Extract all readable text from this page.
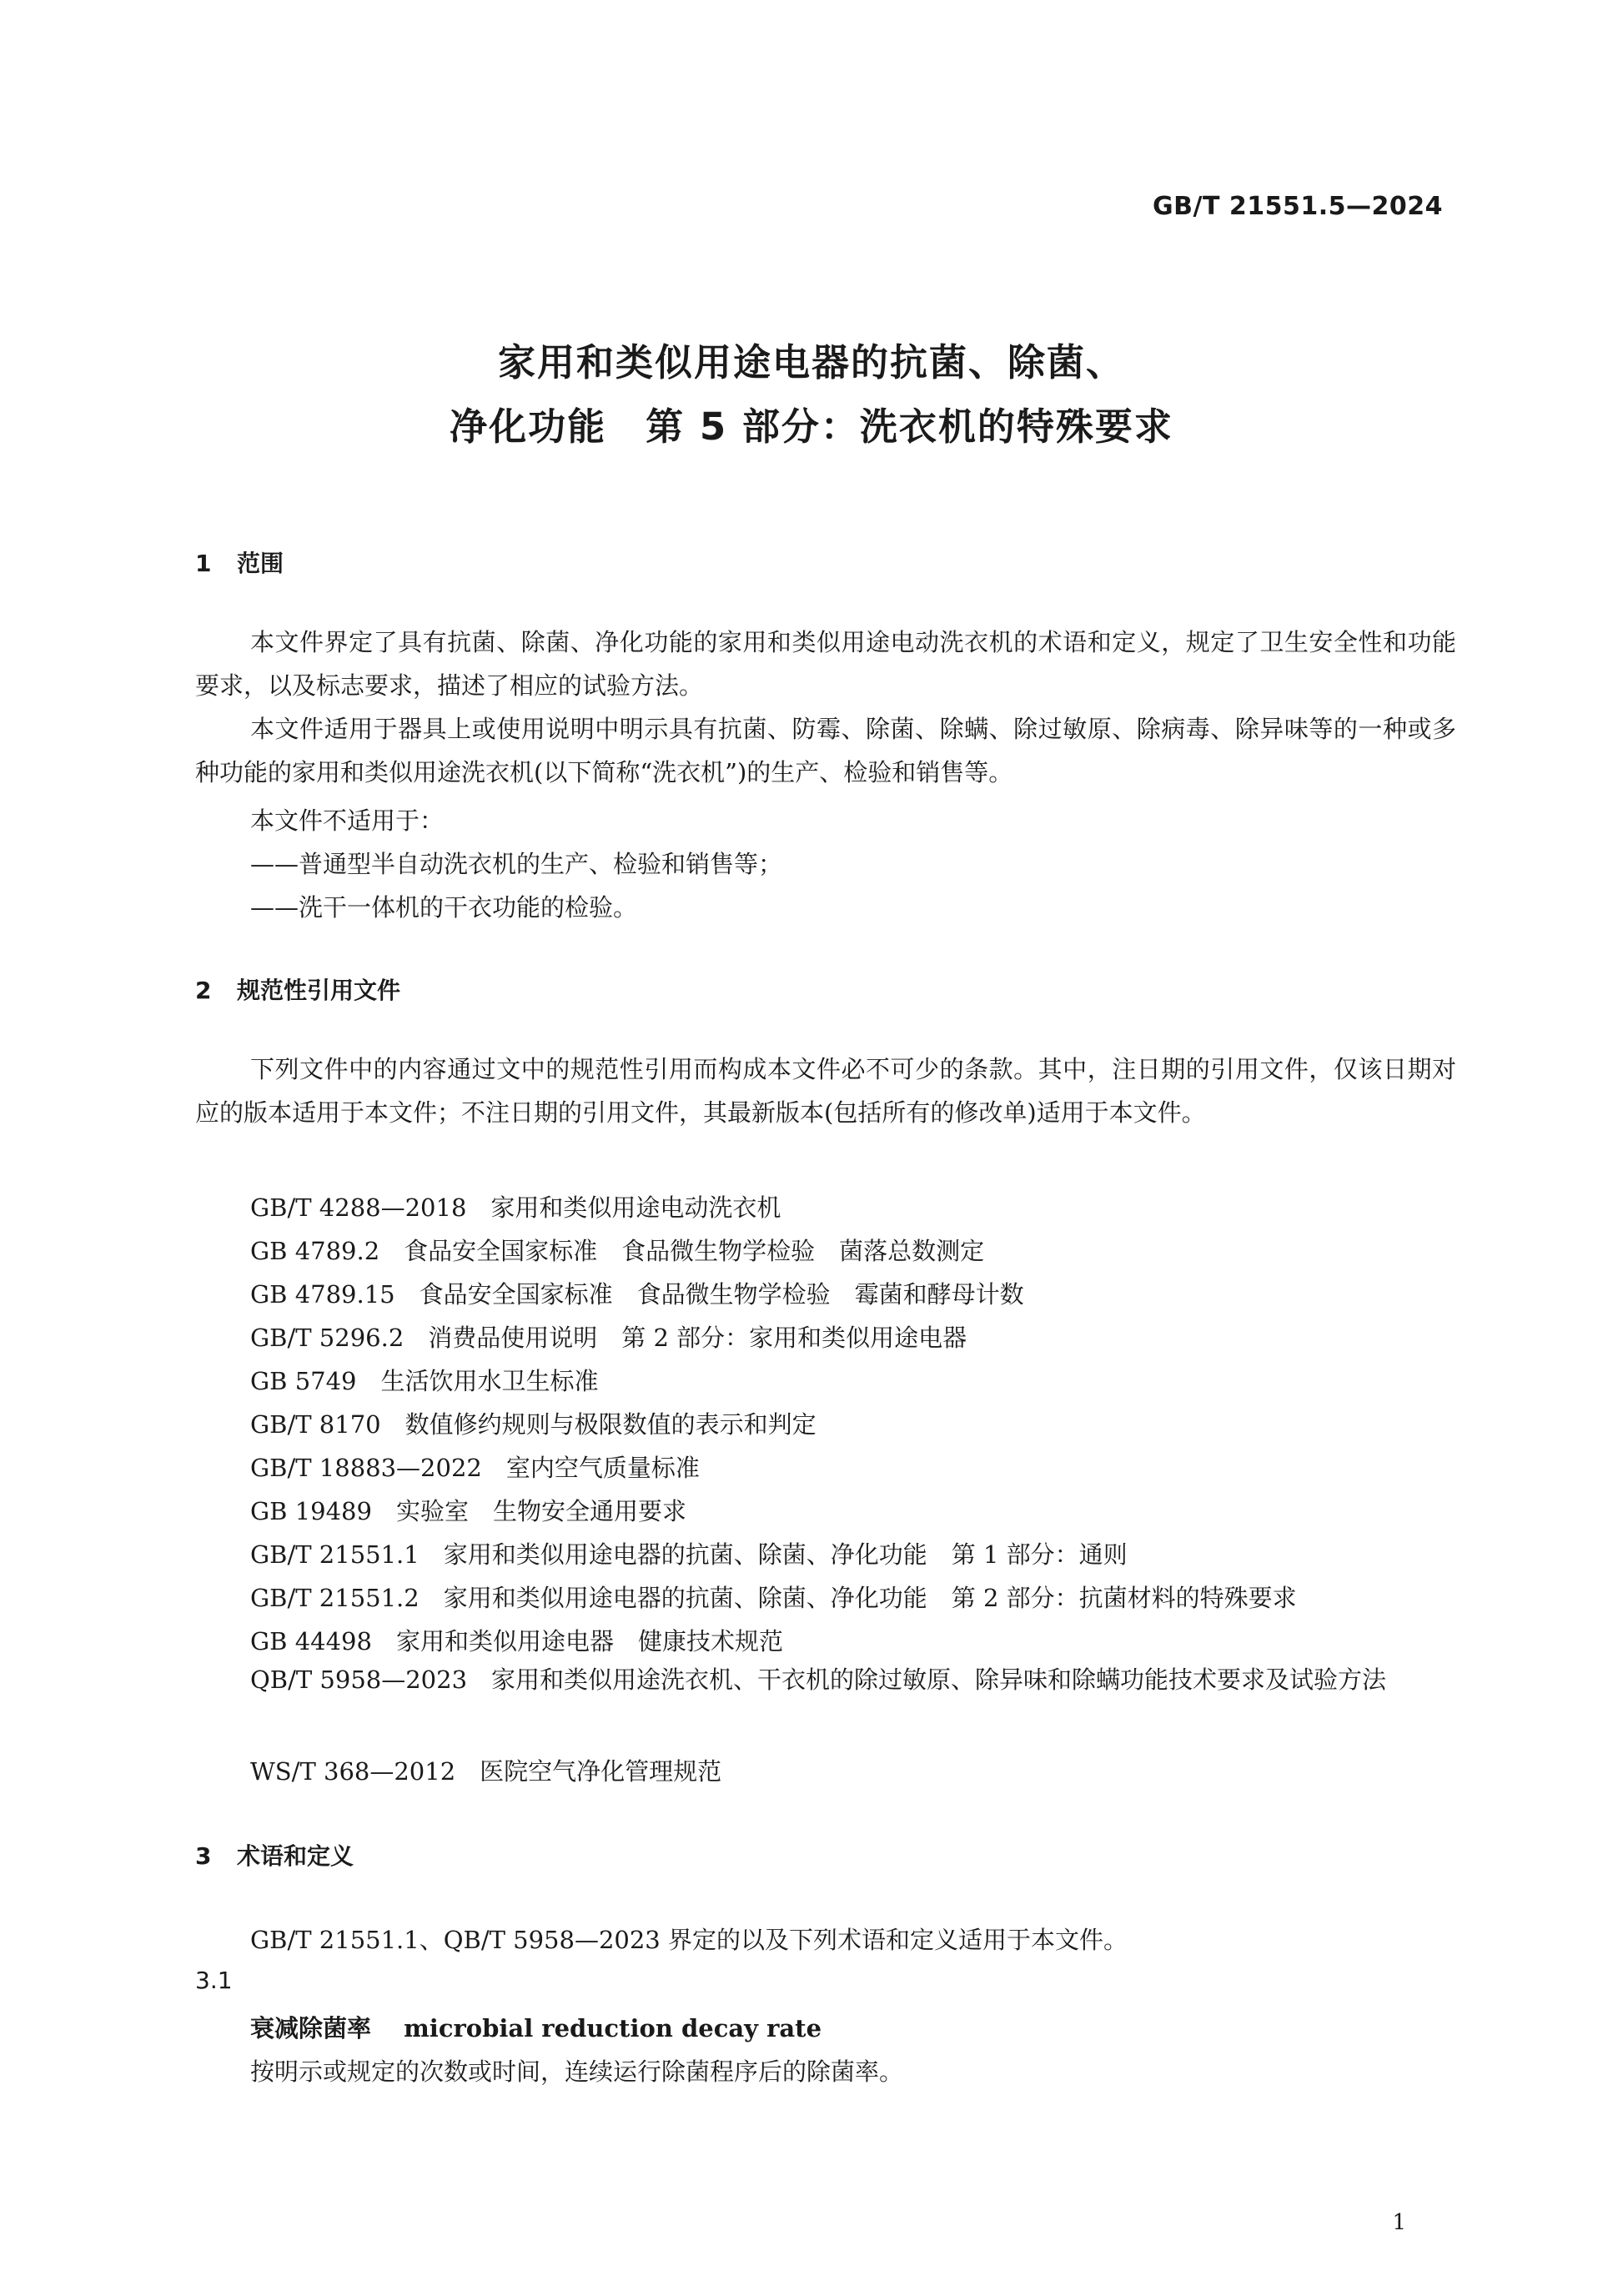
GB/T 21551.5—2024
家用和类似用途电器的抗菌、除菌、
净化功能　第 5 部分：洗衣机的特殊要求
1 范围
本文件界定了具有抗菌、除菌、净化功能的家用和类似用途电动洗衣机的术语和定义，规定了卫生安全性和功能要求，以及标志要求，描述了相应的试验方法。
本文件适用于器具上或使用说明中明示具有抗菌、防霉、除菌、除螨、除过敏原、除病毒、除异味等的一种或多种功能的家用和类似用途洗衣机(以下简称“洗衣机”)的生产、检验和销售等。
本文件不适用于：
——普通型半自动洗衣机的生产、检验和销售等；
——洗干一体机的干衣功能的检验。
2 规范性引用文件
下列文件中的内容通过文中的规范性引用而构成本文件必不可少的条款。其中，注日期的引用文件，仅该日期对应的版本适用于本文件；不注日期的引用文件，其最新版本(包括所有的修改单)适用于本文件。
GB/T 4288—2018　家用和类似用途电动洗衣机
GB 4789.2　食品安全国家标准　食品微生物学检验　菌落总数测定
GB 4789.15　食品安全国家标准　食品微生物学检验　霉菌和酵母计数
GB/T 5296.2　消费品使用说明　第 2 部分：家用和类似用途电器
GB 5749　生活饮用水卫生标准
GB/T 8170　数值修约规则与极限数值的表示和判定
GB/T 18883—2022　室内空气质量标准
GB 19489　实验室　生物安全通用要求
GB/T 21551.1　家用和类似用途电器的抗菌、除菌、净化功能　第 1 部分：通则
GB/T 21551.2　家用和类似用途电器的抗菌、除菌、净化功能　第 2 部分：抗菌材料的特殊要求
GB 44498　家用和类似用途电器　健康技术规范
QB/T 5958—2023　家用和类似用途洗衣机、干衣机的除过敏原、除异味和除螨功能技术要求及试验方法
WS/T 368—2012　医院空气净化管理规范
3 术语和定义
GB/T 21551.1、QB/T 5958—2023 界定的以及下列术语和定义适用于本文件。
3.1
衰减除菌率　 microbial reduction decay rate
按明示或规定的次数或时间，连续运行除菌程序后的除菌率。
1
